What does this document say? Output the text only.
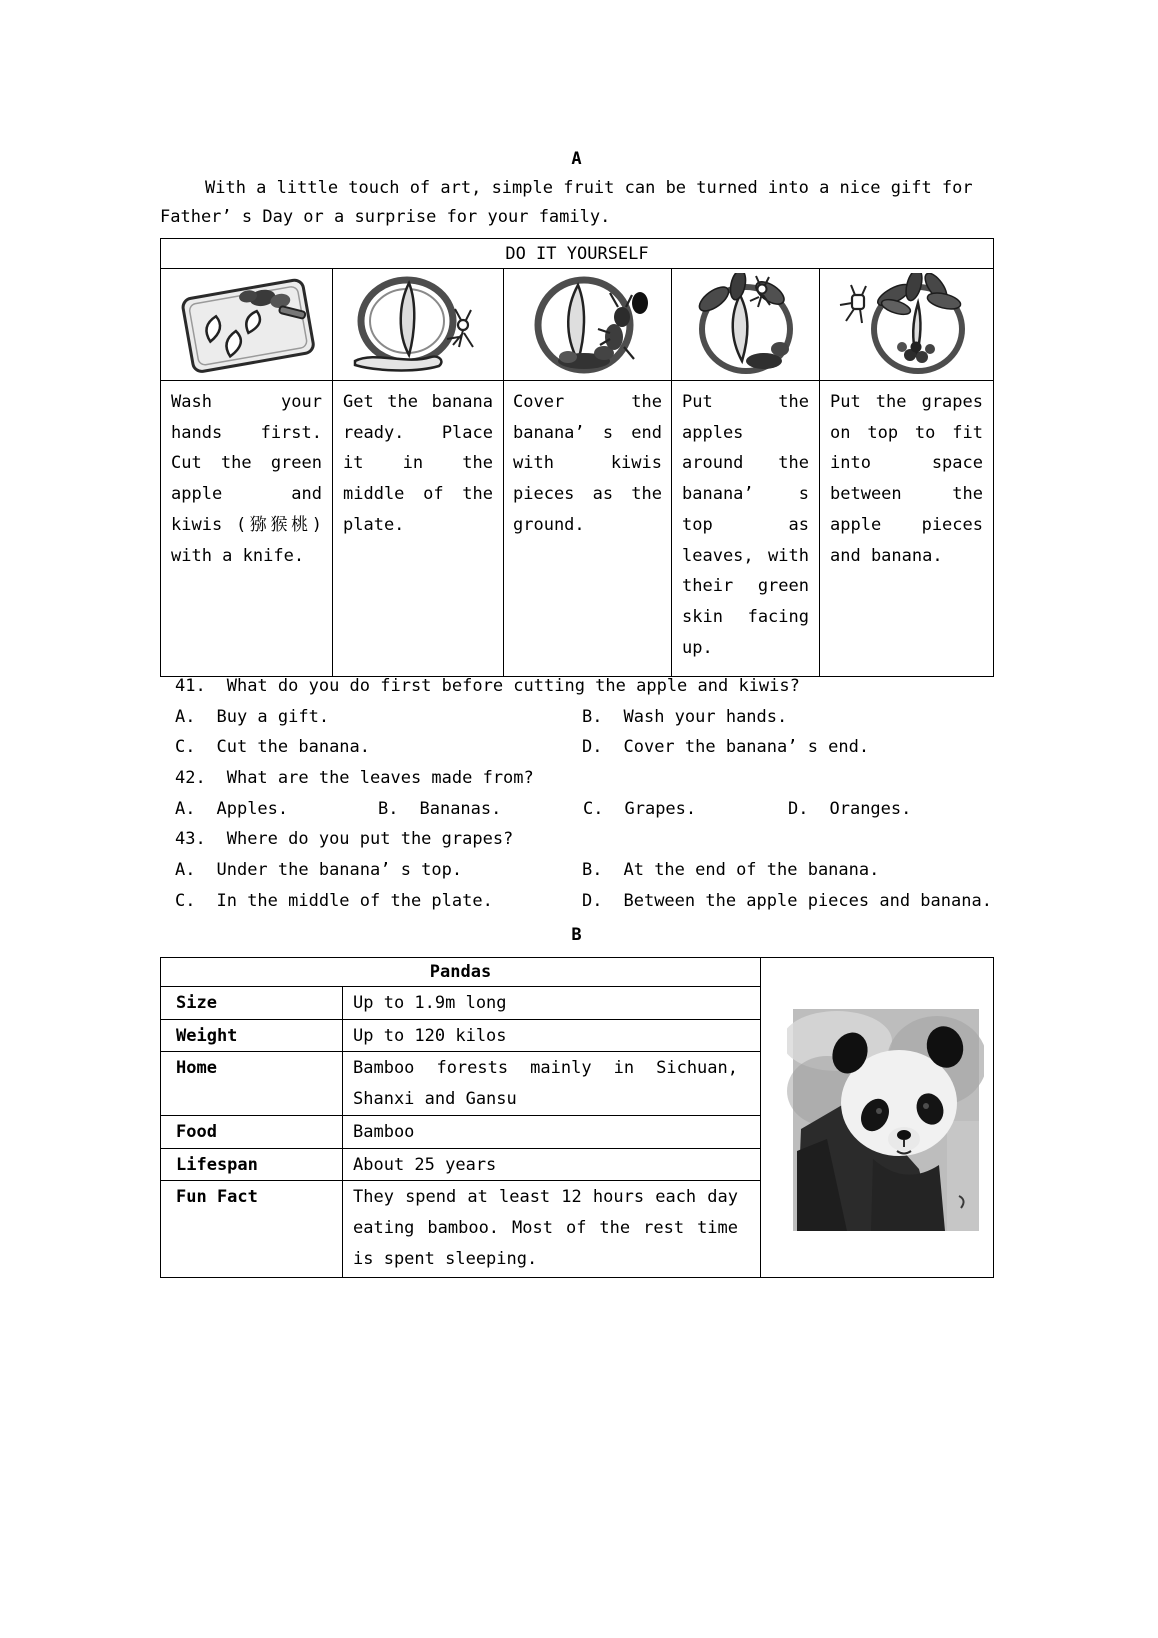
A
With a little touch of art, simple fruit can be turned into a nice gift for
Father’ s Day or a surprise for your family.
DO IT YOURSELF				

Wash your hands first. Cut the green apple and kiwis (猕猴桃) with a knife.	Get the banana ready. Place it in the middle of the plate.	Cover the banana’ s end with kiwis pieces as the ground.	Put the apples around the banana’ s top as leaves, with their green skin facing up.	Put the grapes on top to fit into space between the apple pieces and banana.
41. What do you do first before cutting the apple and kiwis?
A. Buy a gift.	B. Wash your hands.
C. Cut the banana.	D. Cover the banana’ s end.
42. What are the leaves made from?
A. Apples.	B. Bananas.	C. Grapes.	D. Oranges.
43. Where do you put the grapes?
A. Under the banana’ s top.	B. At the end of the banana.
C. In the middle of the plate.	D. Between the apple pieces and banana.
B
Pandas	

Size	Up to 1.9m long	
Weight	Up to 120 kilos	
Home	Bamboo forests mainly in Sichuan, Shanxi and Gansu	
Food	Bamboo	
Lifespan	About 25 years	
Fun Fact	They spend at least 12 hours each day eating bamboo. Most of the rest time is spent sleeping.	
